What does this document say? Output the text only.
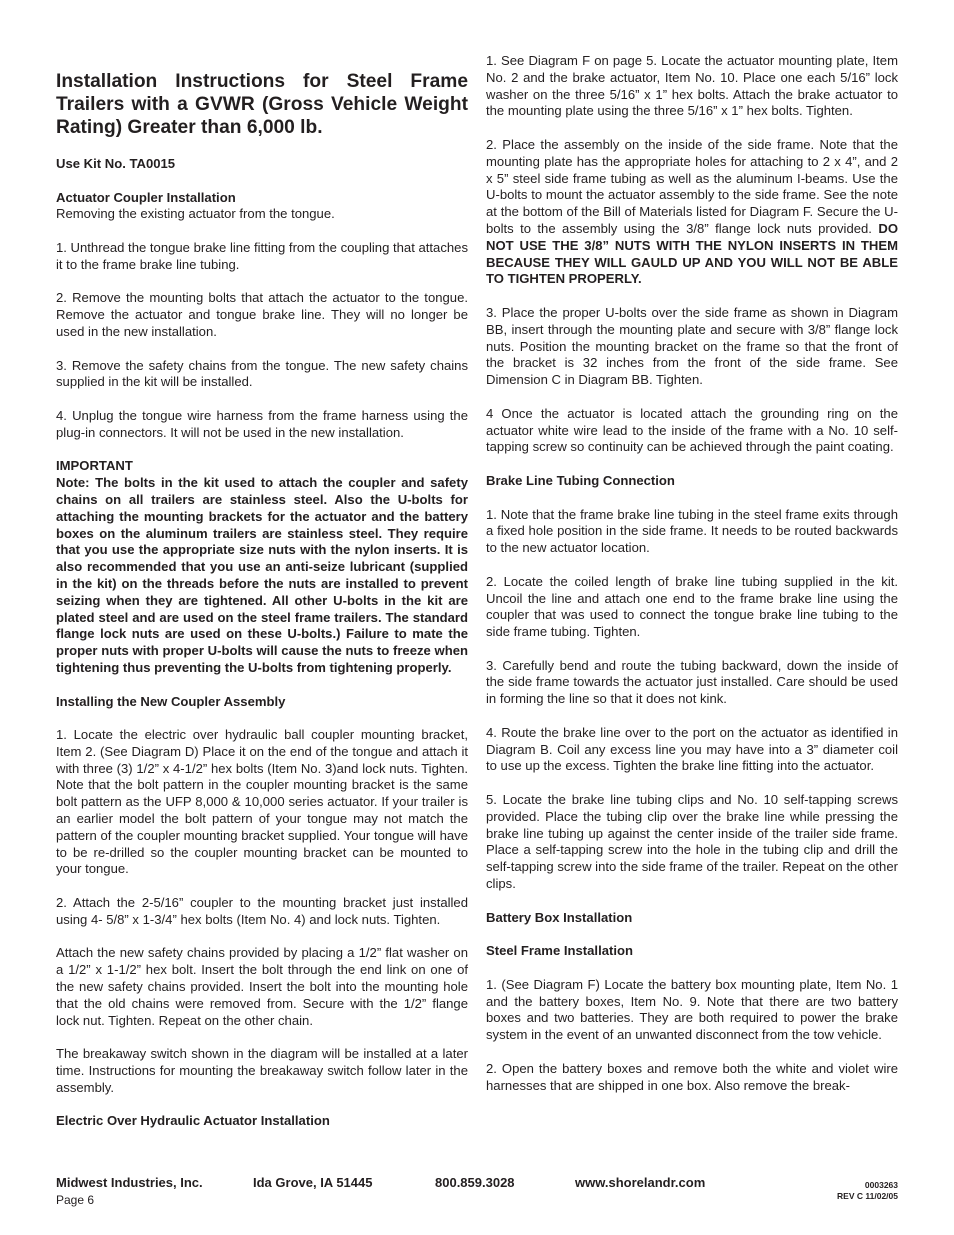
Installation Instructions for Steel Frame Trailers with a GVWR (Gross Vehicle Weight Rating) Greater than 6,000 lb.

Use Kit No. TA0015

Actuator Coupler Installation
Removing the existing actuator from the tongue.

1. Unthread the tongue brake line fitting from the coupling that attaches it to the frame brake line tubing.

2. Remove the mounting bolts that attach the actuator to the tongue. Remove the actuator and tongue brake line. They will no longer be used in the new installation.

3. Remove the safety chains from the tongue. The new safety chains supplied in the kit will be installed.

4. Unplug the tongue wire harness from the frame harness using the plug-in connectors. It will not be used in the new installation.

IMPORTANT
Note: The bolts in the kit used to attach the coupler and safety chains on all trailers are stainless steel. Also the U-bolts for attaching the mounting brackets for the actuator and the battery boxes on the aluminum trailers are stainless steel. They require that you use the appropriate size nuts with the nylon inserts. It is also recommended that you use an anti-seize lubricant (supplied in the kit) on the threads before the nuts are installed to prevent seizing when they are tightened. All other U-bolts in the kit are plated steel and are used on the steel frame trailers. The standard flange lock nuts are used on these U-bolts.) Failure to mate the proper nuts with proper U-bolts will cause the nuts to freeze when tightening thus preventing the U-bolts from tightening properly.

Installing the New Coupler Assembly

1. Locate the electric over hydraulic ball coupler mounting bracket, Item 2. (See Diagram D) Place it on the end of the tongue and attach it with three (3) 1/2” x 4-1/2” hex bolts (Item No. 3)and lock nuts. Tighten. Note that the bolt pattern in the coupler mounting bracket is the same bolt pattern as the UFP 8,000 & 10,000 series actuator. If your trailer is an earlier model the bolt pattern of your tongue may not match the pattern of the coupler mounting bracket supplied. Your tongue will have to be re-drilled so the coupler mounting bracket can be mounted to your tongue.

2. Attach the 2-5/16” coupler to the mounting bracket just installed using 4- 5/8” x 1-3/4” hex bolts (Item No. 4) and lock nuts. Tighten.

Attach the new safety chains provided by placing a 1/2” flat washer on a 1/2” x 1-1/2” hex bolt. Insert the bolt through the end link on one of the new safety chains provided. Insert the bolt into the mounting hole that the old chains were removed from. Secure with the 1/2” flange lock nut. Tighten. Repeat on the other chain.

The breakaway switch shown in the diagram will be installed at a later time. Instructions for mounting the breakaway switch follow later in the assembly.

Electric Over Hydraulic Actuator Installation

1. See Diagram F on page 5. Locate the actuator mounting plate, Item No. 2 and the brake actuator, Item No. 10. Place one each 5/16” lock washer on the three 5/16” x 1” hex bolts. Attach the brake actuator to the mounting plate using the three 5/16” x 1” hex bolts. Tighten.

2. Place the assembly on the inside of the side frame. Note that the mounting plate has the appropriate holes for attaching to 2 x 4”, and 2 x 5” steel side frame tubing as well as the aluminum I-beams. Use the U-bolts to mount the actuator assembly to the side frame. See the note at the bottom of the Bill of Materials listed for Diagram F. Secure the U-bolts to the assembly using the 3/8” flange lock nuts provided. DO NOT USE THE 3/8” NUTS WITH THE NYLON INSERTS IN THEM BECAUSE THEY WILL GAULD UP AND YOU WILL NOT BE ABLE TO TIGHTEN PROPERLY.

3. Place the proper U-bolts over the side frame as shown in Diagram BB, insert through the mounting plate and secure with 3/8” flange lock nuts. Position the mounting bracket on the frame so that the front of the bracket is 32 inches from the front of the side frame. See Dimension C in Diagram BB. Tighten.

4 Once the actuator is located attach the grounding ring on the actuator white wire lead to the inside of the frame with a No. 10 self-tapping screw so continuity can be achieved through the paint coating.

Brake Line Tubing Connection

1. Note that the frame brake line tubing in the steel frame exits through a fixed hole position in the side frame. It needs to be routed backwards to the new actuator location.

2. Locate the coiled length of brake line tubing supplied in the kit. Uncoil the line and attach one end to the frame brake line using the coupler that was used to connect the tongue brake line tubing to the side frame tubing. Tighten.

3. Carefully bend and route the tubing backward, down the inside of the side frame towards the actuator just installed. Care should be used in forming the line so that it does not kink.

4. Route the brake line over to the port on the actuator as identified in Diagram B. Coil any excess line you may have into a 3” diameter coil to use up the excess. Tighten the brake line fitting into the actuator.

5. Locate the brake line tubing clips and No. 10 self-tapping screws provided. Place the tubing clip over the brake line while pressing the brake line tubing up against the center inside of the trailer side frame. Place a self-tapping screw into the hole in the tubing clip and drill the self-tapping screw into the side frame of the trailer. Repeat on the other clips.

Battery Box Installation

Steel Frame Installation

1. (See Diagram F) Locate the battery box mounting plate, Item No. 1 and the battery boxes, Item No. 9. Note that there are two battery boxes and two batteries. They are both required to power the brake system in the event of an unwanted disconnect from the tow vehicle.

2. Open the battery boxes and remove both the white and violet wire harnesses that are shipped in one box. Also remove the break-

Midwest Industries, Inc.	Ida Grove, IA 51445	800.859.3028	www.shorelandr.com
Page 6
0003263
REV C 11/02/05
